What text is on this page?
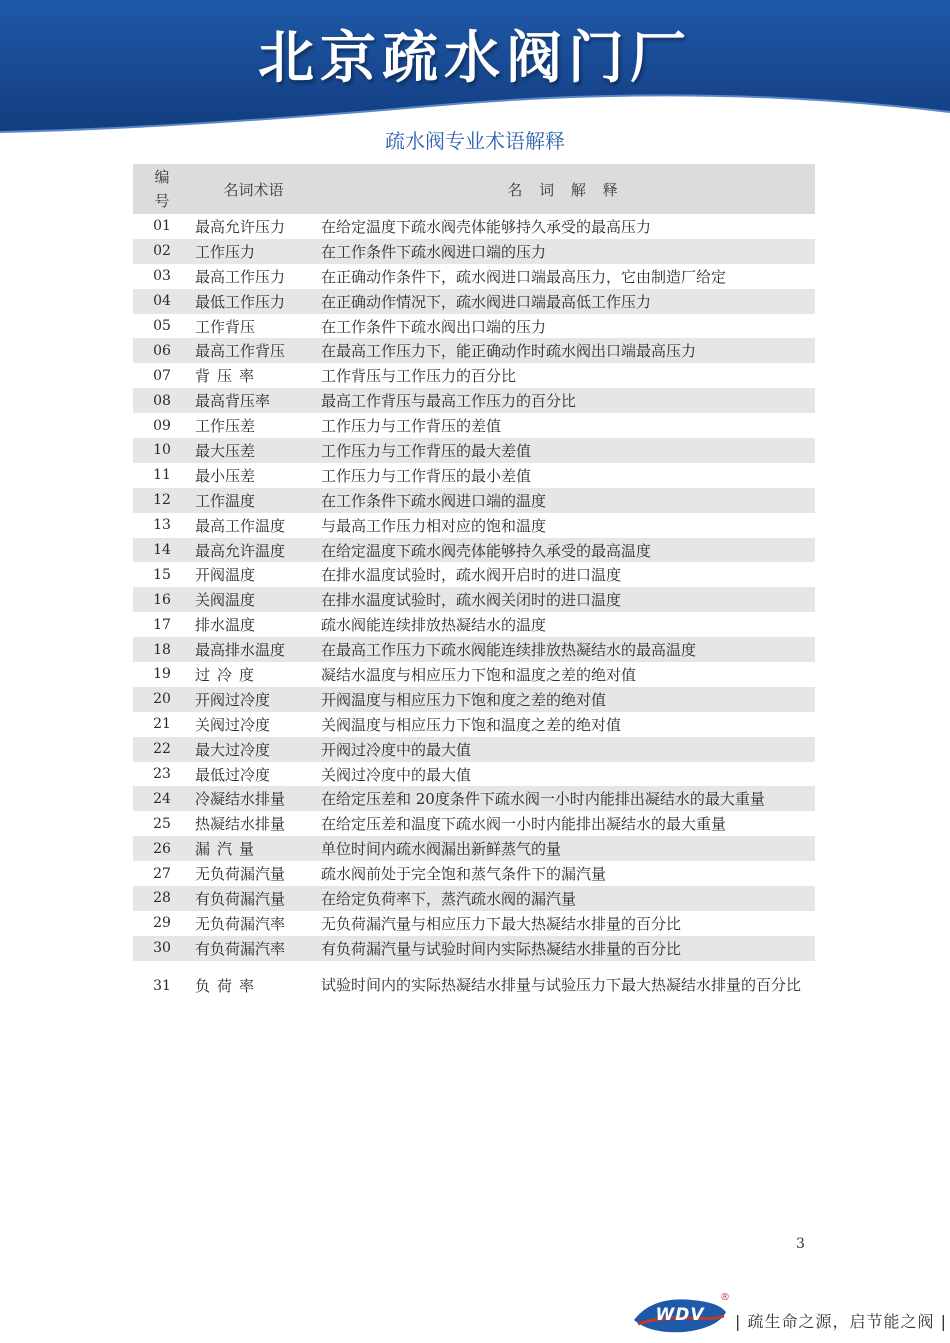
北京疏水阀门厂
疏水阀专业术语解释
编
号	名词术语	名 词 解 释
01	最高允许压力	在给定温度下疏水阀壳体能够持久承受的最高压力
02	工作压力	在工作条件下疏水阀进口端的压力
03	最高工作压力	在正确动作条件下，疏水阀进口端最高压力，它由制造厂给定
04	最低工作压力	在正确动作情况下，疏水阀进口端最高低工作压力
05	工作背压	在工作条件下疏水阀出口端的压力
06	最高工作背压	在最高工作压力下，能正确动作时疏水阀出口端最高压力
07	背压率	工作背压与工作压力的百分比
08	最高背压率	最高工作背压与最高工作压力的百分比
09	工作压差	工作压力与工作背压的差值
10	最大压差	工作压力与工作背压的最大差值
11	最小压差	工作压力与工作背压的最小差值
12	工作温度	在工作条件下疏水阀进口端的温度
13	最高工作温度	与最高工作压力相对应的饱和温度
14	最高允许温度	在给定温度下疏水阀壳体能够持久承受的最高温度
15	开阀温度	在排水温度试验时，疏水阀开启时的进口温度
16	关阀温度	在排水温度试验时，疏水阀关闭时的进口温度
17	排水温度	疏水阀能连续排放热凝结水的温度
18	最高排水温度	在最高工作压力下疏水阀能连续排放热凝结水的最高温度
19	过冷度	凝结水温度与相应压力下饱和温度之差的绝对值
20	开阀过冷度	开阀温度与相应压力下饱和度之差的绝对值
21	关阀过冷度	关阀温度与相应压力下饱和温度之差的绝对值
22	最大过冷度	开阀过冷度中的最大值
23	最低过冷度	关阀过冷度中的最大值
24	冷凝结水排量	在给定压差和 20度条件下疏水阀一小时内能排出凝结水的最大重量
25	热凝结水排量	在给定压差和温度下疏水阀一小时内能排出凝结水的最大重量
26	漏汽量	单位时间内疏水阀漏出新鲜蒸气的量
27	无负荷漏汽量	疏水阀前处于完全饱和蒸气条件下的漏汽量
28	有负荷漏汽量	在给定负荷率下，蒸汽疏水阀的漏汽量
29	无负荷漏汽率	无负荷漏汽量与相应压力下最大热凝结水排量的百分比
30	有负荷漏汽率	有负荷漏汽量与试验时间内实际热凝结水排量的百分比
31	负荷率	试验时间内的实际热凝结水排量与试验压力下最大热凝结水排量的百分比
3
WDV
®
| 疏生命之源，启节能之阀 |
